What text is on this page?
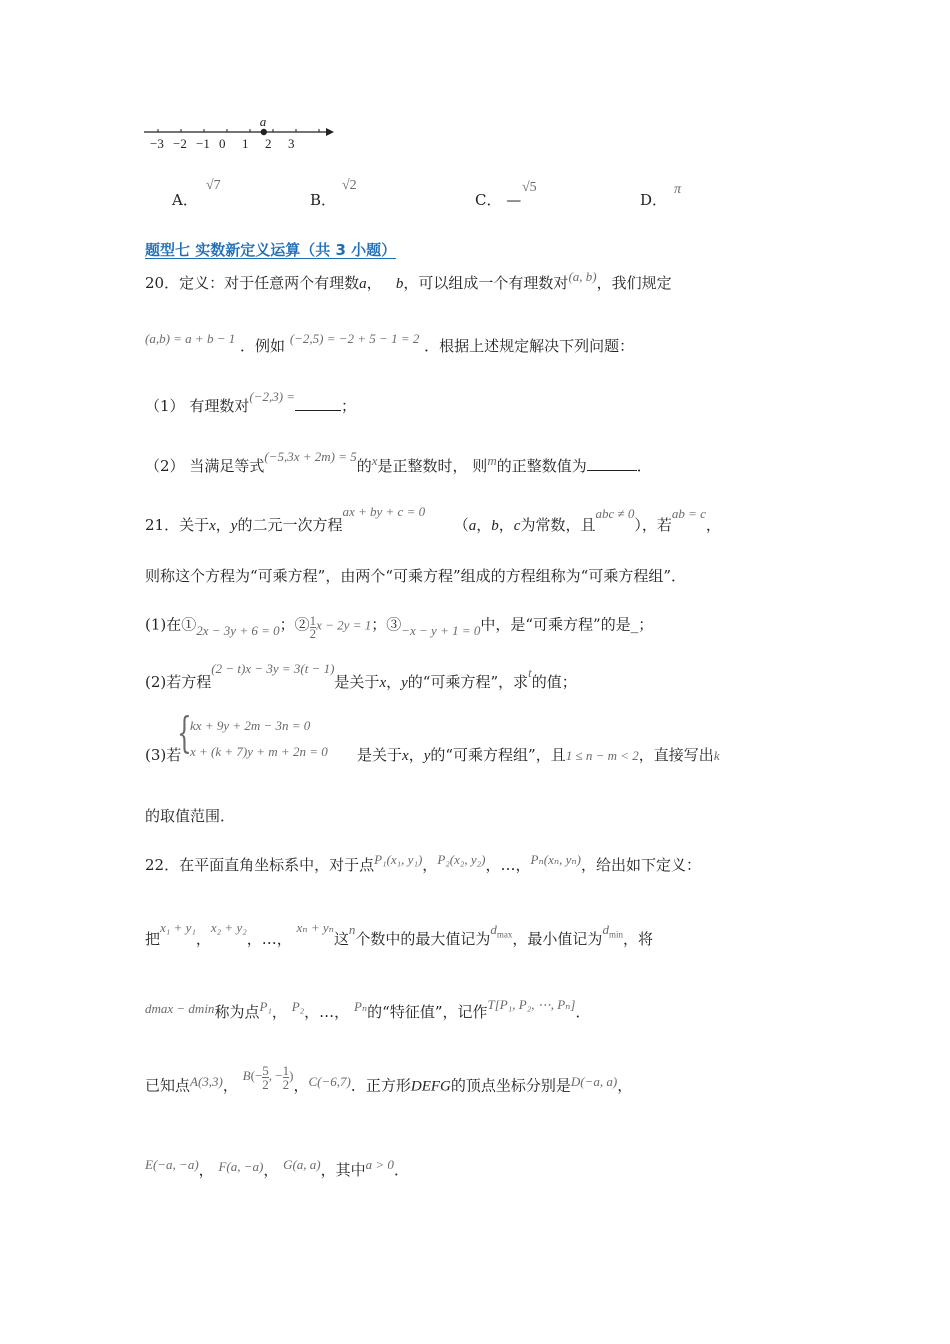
a
−3 −2 −1 0 1 2 3
A．
√7
B．
√2
C． —
√5
D．
π
题型七 实数新定义运算（共 3 小题）
20．定义：对于任意两个有理数a， b，可以组成一个有理数对(a, b)，我们规定
(a,b) = a + b − 1 ．例如 (−2,5) = −2 + 5 − 1 = 2 ．根据上述规定解决下列问题：
（1） 有理数对(−2,3) =；
（2） 当满足等式(−5,3x + 2m) = 5的x是正整数时， 则m的正整数值为	．
21．关于x，y的二元一次方程ax + by + c = 0      （a，b，c为常数，且abc ≠ 0），若ab = c，
则称这个方程为“可乘方程”，由两个“可乘方程”组成的方程组称为“可乘方程组”．
(1)在①2x − 3y + 6 = 0；② $\frac{1}{2}$ x − 2y = 1；③−x − y + 1 = 0中，是“可乘方程”的是_；
(2)若方程(2 − t)x − 3y = 3(t − 1)是关于x，y的“可乘方程”，求t的值；
(3)若
{
kx + 9y + 2m − 3n = 0
x + (k + 7)y + m + 2n = 0 是关于x，y的“可乘方程组”，且1 ≤ n − m < 2，直接写出k
的取值范围．
22．在平面直角坐标系中，对于点P₁(x₁, y₁)，P₂(x₂, y₂)，…，Pₙ(xₙ, yₙ)，给出如下定义：
把x₁ + y₁，x₂ + y₂，…， xₙ + yₙ这n个数中的最大值记为$d_{max}$，最小值记为$d_{min}$，将
dmax − dmin称为点P₁， P₂，…， Pₙ的“特征值”，记作T[P₁, P₂, ⋯, Pₙ]．
已知点A(3,3)， $B(- \frac{5}{2}$ , − $\frac{1}{2}$ )，C(−6,7)．正方形DEFG的顶点坐标分别是D(−a, a)，
E(−a, −a)， F(a, −a)， G(a, a)，其中a > 0．
